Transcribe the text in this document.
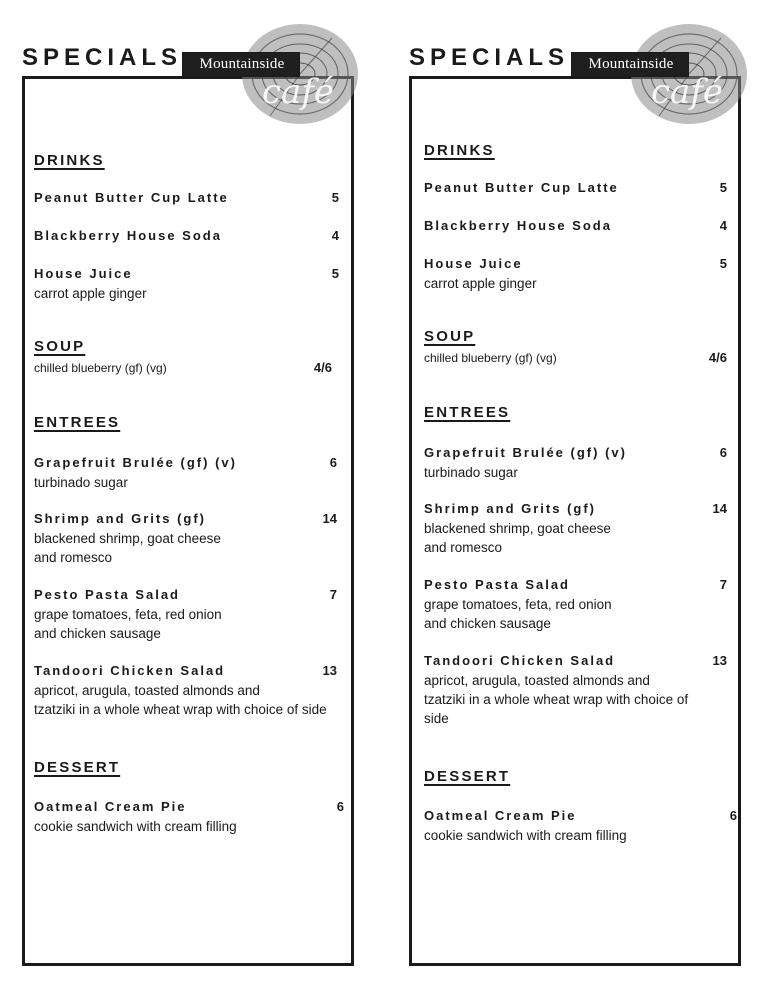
SPECIALS	Mountainside
café
DRINKS
Peanut Butter Cup Latte	5
Blackberry House Soda	4
House Juice	5
carrot apple ginger
SOUP
chilled blueberry (gf) (vg)	4/6
ENTREES
Grapefruit Brulée (gf) (v)	6
turbinado sugar
Shrimp and Grits (gf)	14
blackened shrimp, goat cheese
and romesco
Pesto Pasta Salad	7
grape tomatoes, feta, red onion
and chicken sausage
Tandoori Chicken Salad	13
apricot, arugula, toasted almonds and
tzatziki in a whole wheat wrap with choice of side
DESSERT
Oatmeal Cream Pie	6
cookie sandwich with cream filling
SPECIALS	Mountainside
café
DRINKS
Peanut Butter Cup Latte	5
Blackberry House Soda	4
House Juice	5
carrot apple ginger
SOUP
chilled blueberry (gf) (vg)	4/6
ENTREES
Grapefruit Brulée (gf) (v)	6
turbinado sugar
Shrimp and Grits (gf)	14
blackened shrimp, goat cheese
and romesco
Pesto Pasta Salad	7
grape tomatoes, feta, red onion
and chicken sausage
Tandoori Chicken Salad	13
apricot, arugula, toasted almonds and
tzatziki in a whole wheat wrap with choice of
side
DESSERT
Oatmeal Cream Pie	6
cookie sandwich with cream filling
